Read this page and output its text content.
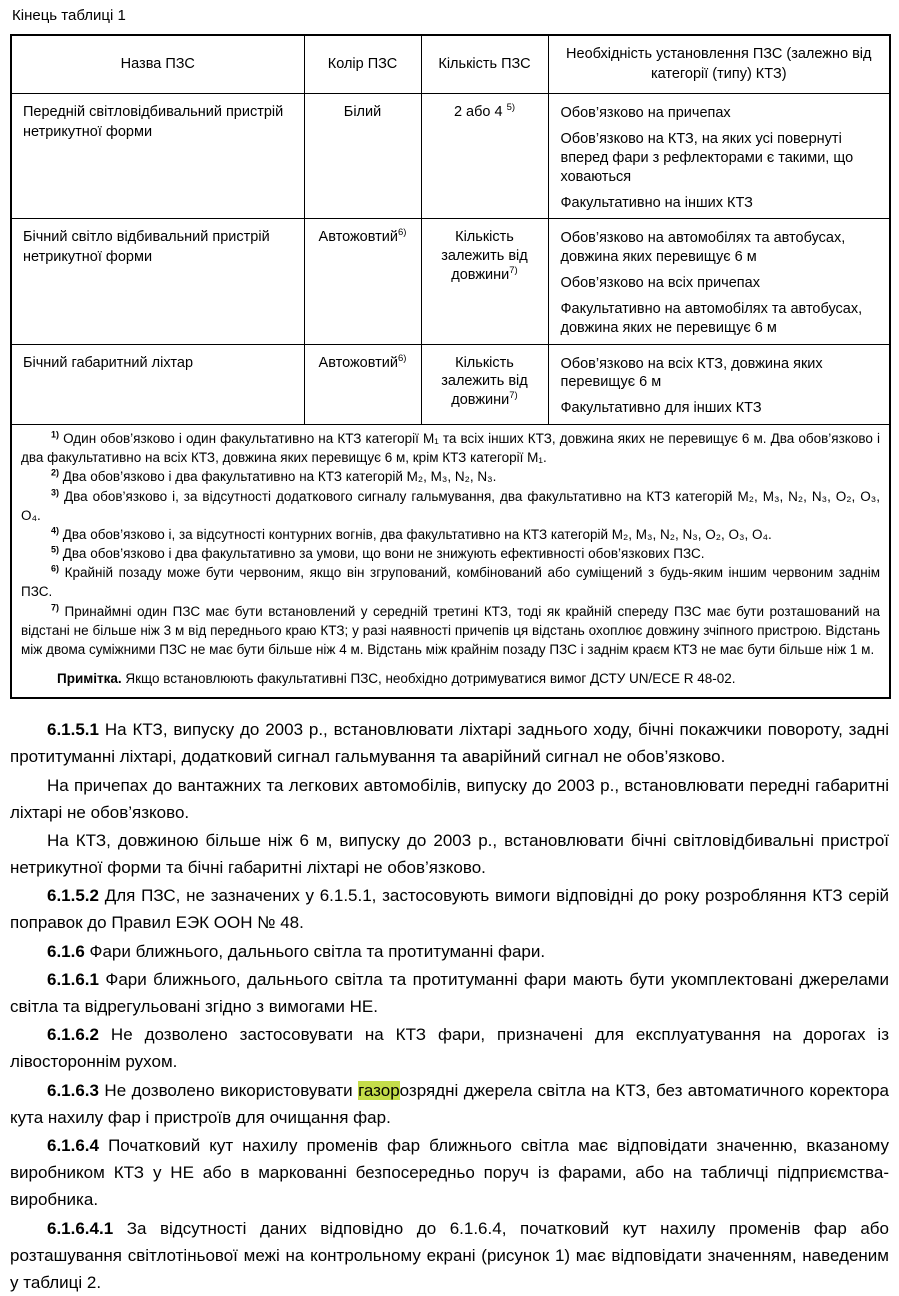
Кінець таблиці 1
Назва ПЗС	Колір ПЗС	Кількість ПЗС	Необхідність установлення ПЗС (залежно від категорії (типу) КТЗ)
Передній світловідбивальний пристрій нетрикутної форми	Білий	2 або 4 $^{5)}$	Обов’язково на причепах

Обов’язково на КТЗ, на яких усі повернуті вперед фари з рефлекторами є такими, що ховаються

Факультативно на інших КТЗ

Бічний світло відбивальний пристрій нетрикутної форми	Автожовтий$^{6)}$	Кількість залежить від довжини$^{7)}$	Обов’язково на автомобілях та автобусах, довжина яких перевищує 6 м

Обов’язково на всіх причепах

Факультативно на автомобілях та автобусах, довжина яких не перевищує 6 м

Бічний габаритний ліхтар	Автожовтий$^{6)}$	Кількість залежить від довжини$^{7)}$	Обов’язково на всіх КТЗ, довжина яких перевищує 6 м

Факультативно для інших КТЗ

$^{1)}$ Один обов’язково і один факультативно на КТЗ категорії M₁ та всіх інших КТЗ, довжина яких не перевищує 6 м. Два обов’язково і два факультативно на всіх КТЗ, довжина яких перевищує 6 м, крім КТЗ категорії M₁.

$^{2)}$ Два обов’язково і два факультативно на КТЗ категорій M₂, M₃, N₂, N₃.

$^{3)}$ Два обов’язково і, за відсутності додаткового сигналу гальмування, два факультативно на КТЗ категорій M₂, M₃, N₂, N₃, O₂, O₃, O₄.

$^{4)}$ Два обов’язково і, за відсутності контурних вогнів, два факультативно на КТЗ категорій M₂, M₃, N₂, N₃, O₂, O₃, O₄.

$^{5)}$ Два обов’язково і два факультативно за умови, що вони не знижують ефективності обов’язкових ПЗС.

$^{6)}$ Крайній позаду може бути червоним, якщо він згрупований, комбінований або суміщений з будь-яким іншим червоним заднім ПЗС.

$^{7)}$ Принаймні один ПЗС має бути встановлений у середній третині КТЗ, тоді як крайній спереду ПЗС має бути розташований на відстані не більше ніж 3 м від переднього краю КТЗ; у разі наявності причепів ця відстань охоплює довжину зчіпного пристрою. Відстань між двома суміжними ПЗС не має бути більше ніж 4 м. Відстань між крайнім позаду ПЗС і заднім краєм КТЗ не має бути більше ніж 1 м.

Примітка. Якщо встановлюють факультативні ПЗС, необхідно дотримуватися вимог ДСТУ UN/ECE R 48-02.

6.1.5.1 На КТЗ, випуску до 2003 р., встановлювати ліхтарі заднього ходу, бічні покажчики повороту, задні протитуманні ліхтарі, додатковий сигнал гальмування та аварійний сигнал не обов’язково.

На причепах до вантажних та легкових автомобілів, випуску до 2003 р., встановлювати передні габаритні ліхтарі не обов’язково.

На КТЗ, довжиною більше ніж 6 м, випуску до 2003 р., встановлювати бічні світловідбивальні пристрої нетрикутної форми та бічні габаритні ліхтарі не обов’язково.

6.1.5.2 Для ПЗС, не зазначених у 6.1.5.1, застосовують вимоги відповідні до року розробляння КТЗ серій поправок до Правил ЕЭК ООН № 48.

6.1.6 Фари ближнього, дальнього світла та протитуманні фари.

6.1.6.1 Фари ближнього, дальнього світла та протитуманні фари мають бути укомплектовані джерелами світла та відрегульовані згідно з вимогами НЕ.

6.1.6.2 Не дозволено застосовувати на КТЗ фари, призначені для експлуатування на дорогах із лівостороннім рухом.

6.1.6.3 Не дозволено використовувати газорозрядні джерела світла на КТЗ, без автоматичного коректора кута нахилу фар і пристроїв для очищання фар.

6.1.6.4 Початковий кут нахилу променів фар ближнього світла має відповідати значенню, вказаному виробником КТЗ у НЕ або в маркованні безпосередньо поруч із фарами, або на табличці підприємства-виробника.

6.1.6.4.1 За відсутності даних відповідно до 6.1.6.4, початковий кут нахилу променів фар або розташування світлотіньової межі на контрольному екрані (рисунок 1) має відповідати значенням, наведеним у таблиці 2.
